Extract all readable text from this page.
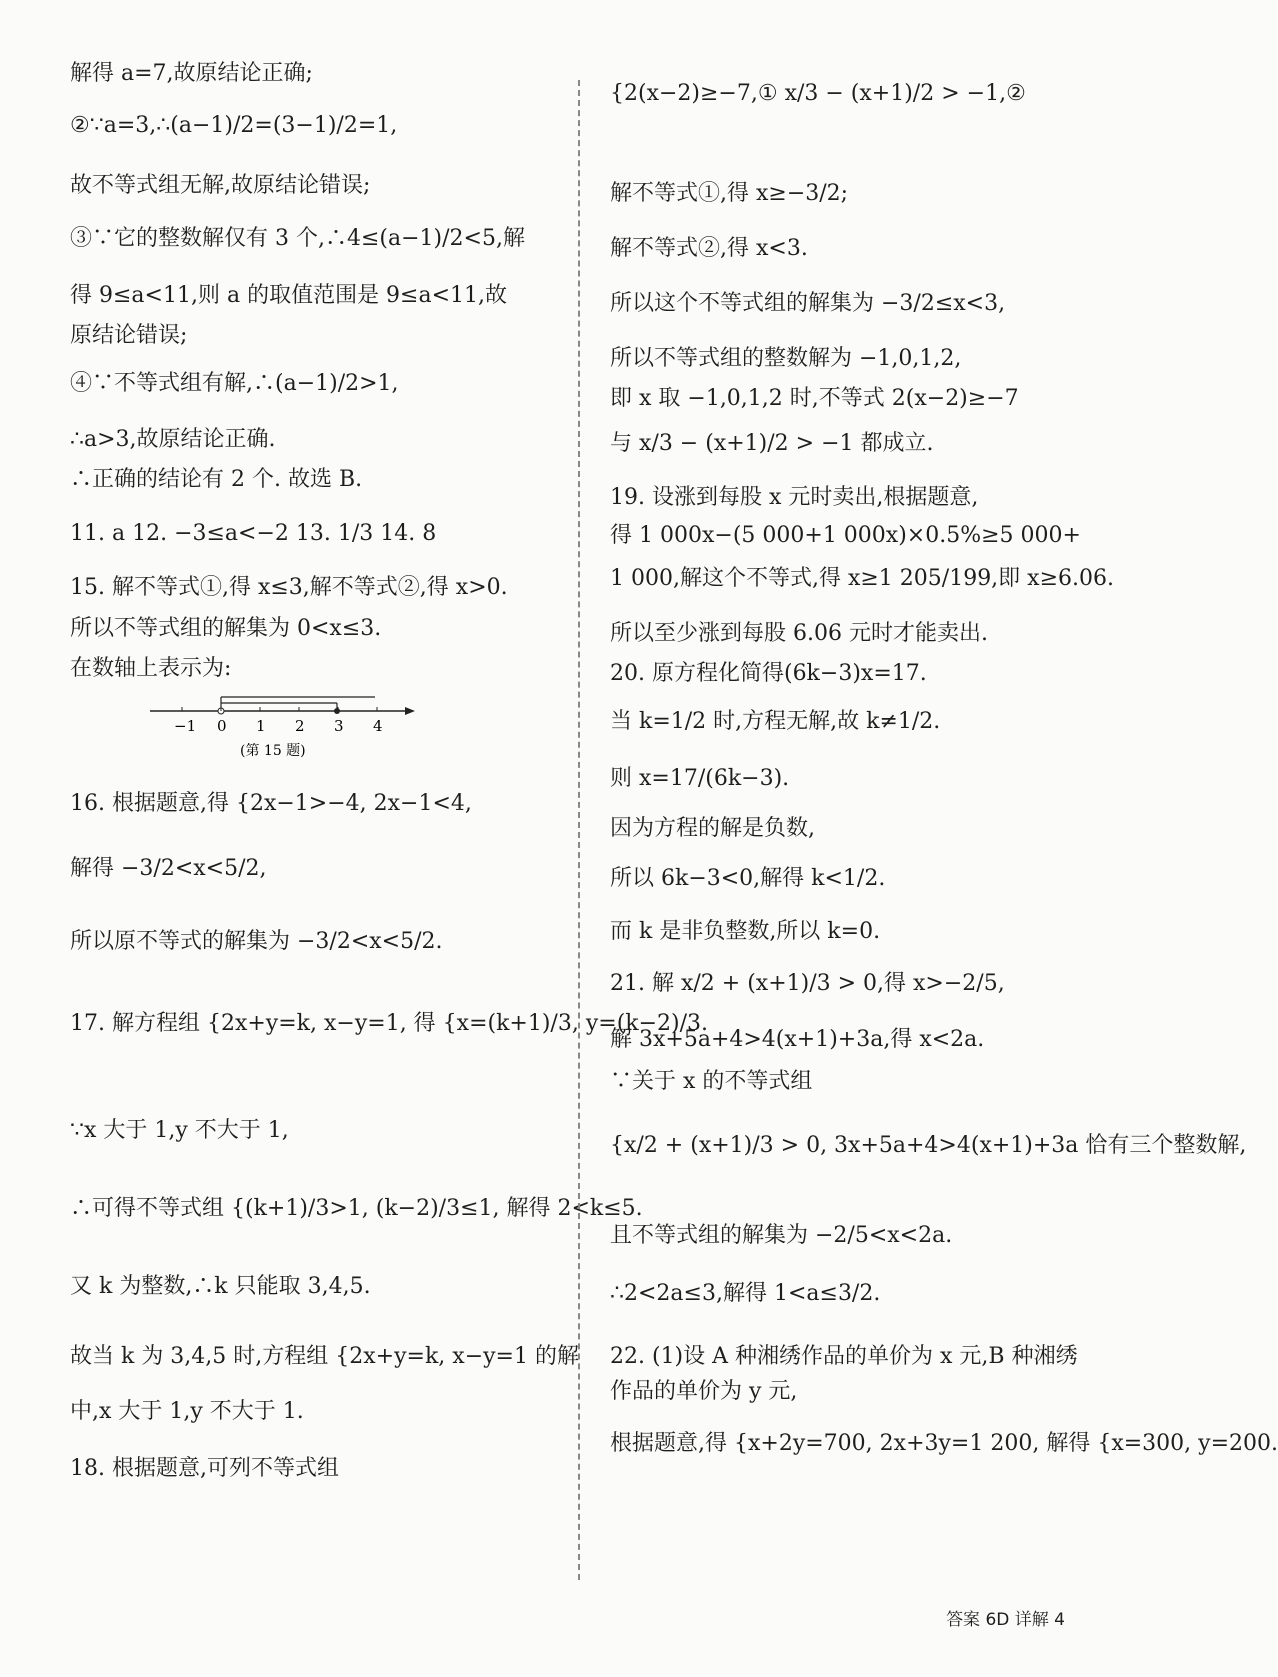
解得 a=7,故原结论正确;
②∵a=3,∴(a−1)/2=(3−1)/2=1,
故不等式组无解,故原结论错误;
③∵它的整数解仅有 3 个,∴4≤(a−1)/2<5,解
得 9≤a<11,则 a 的取值范围是 9≤a<11,故
原结论错误;
④∵不等式组有解,∴(a−1)/2>1,
∴a>3,故原结论正确.
∴正确的结论有 2 个. 故选 B.
11. a 12. −3≤a<−2 13. 1/3 14. 8
15. 解不等式①,得 x≤3,解不等式②,得 x>0.
所以不等式组的解集为 0<x≤3.
在数轴上表示为:
16. 根据题意,得 {2x−1>−4, 2x−1<4,
解得 −3/2<x<5/2,
所以原不等式的解集为 −3/2<x<5/2.
17. 解方程组 {2x+y=k, x−y=1, 得 {x=(k+1)/3, y=(k−2)/3.
∵x 大于 1,y 不大于 1,
∴可得不等式组 {(k+1)/3>1, (k−2)/3≤1, 解得 2<k≤5.
又 k 为整数,∴k 只能取 3,4,5.
故当 k 为 3,4,5 时,方程组 {2x+y=k, x−y=1 的解
中,x 大于 1,y 不大于 1.
18. 根据题意,可列不等式组
{2(x−2)≥−7,① x/3 − (x+1)/2 > −1,②
解不等式①,得 x≥−3/2;
解不等式②,得 x<3.
所以这个不等式组的解集为 −3/2≤x<3,
所以不等式组的整数解为 −1,0,1,2,
即 x 取 −1,0,1,2 时,不等式 2(x−2)≥−7
与 x/3 − (x+1)/2 > −1 都成立.
19. 设涨到每股 x 元时卖出,根据题意,
得 1 000x−(5 000+1 000x)×0.5%≥5 000+
1 000,解这个不等式,得 x≥1 205/199,即 x≥6.06.
所以至少涨到每股 6.06 元时才能卖出.
20. 原方程化简得(6k−3)x=17.
当 k=1/2 时,方程无解,故 k≠1/2.
则 x=17/(6k−3).
因为方程的解是负数,
所以 6k−3<0,解得 k<1/2.
而 k 是非负整数,所以 k=0.
21. 解 x/2 + (x+1)/3 > 0,得 x>−2/5,
解 3x+5a+4>4(x+1)+3a,得 x<2a.
∵关于 x 的不等式组
{x/2 + (x+1)/3 > 0, 3x+5a+4>4(x+1)+3a 恰有三个整数解,
且不等式组的解集为 −2/5<x<2a.
∴2<2a≤3,解得 1<a≤3/2.
22. (1)设 A 种湘绣作品的单价为 x 元,B 种湘绣
作品的单价为 y 元,
根据题意,得 {x+2y=700, 2x+3y=1 200, 解得 {x=300, y=200.
−1 0 1 2 3 4
(第 15 题)
答案 6D 详解 4
